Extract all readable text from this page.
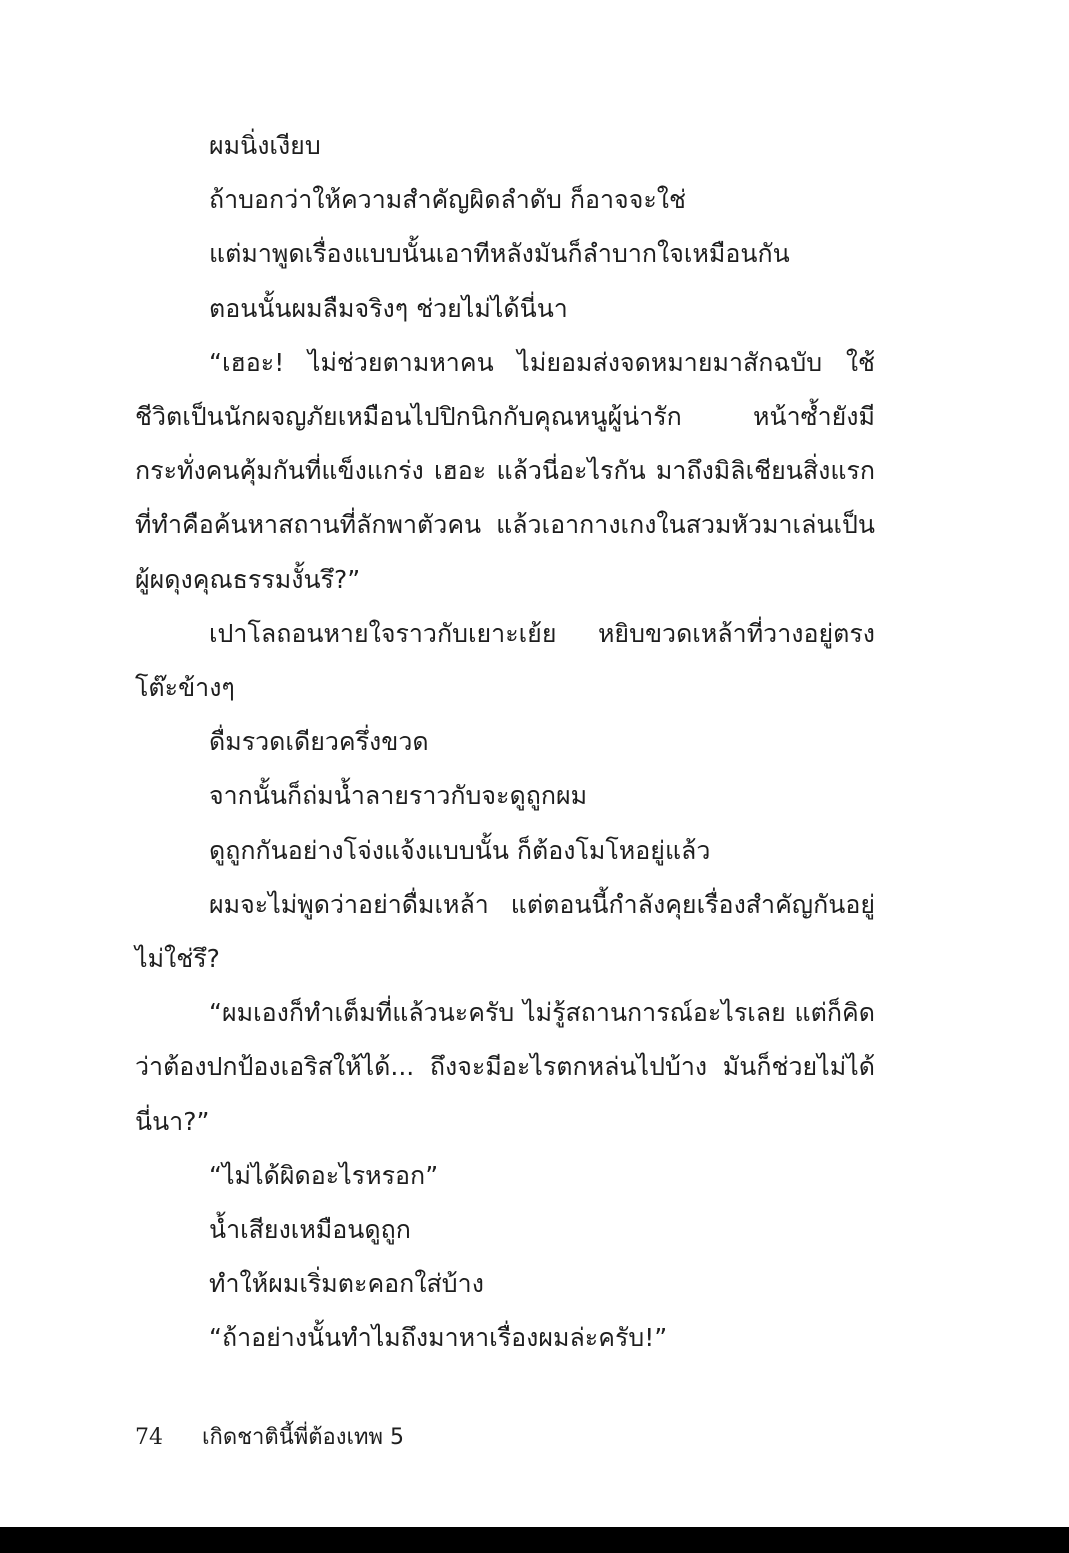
ผมนิ่งเงียบ

ถ้าบอกว่าให้ความสำคัญผิดลำดับ ก็อาจจะใช่

แต่มาพูดเรื่องแบบนั้นเอาทีหลังมันก็ลำบากใจเหมือนกัน

ตอนนั้นผมลืมจริงๆ ช่วยไม่ได้นี่นา

“เฮอะ! ไม่ช่วยตามหาคน ไม่ยอมส่งจดหมายมาสักฉบับ ใช้ชีวิตเป็นนักผจญภัยเหมือนไปปิกนิกกับคุณหนูผู้น่ารัก หน้าซ้ำยังมีกระทั่งคนคุ้มกันที่แข็งแกร่ง เฮอะ แล้วนี่อะไรกัน มาถึงมิลิเชียนสิ่งแรกที่ทำคือค้นหาสถานที่ลักพาตัวคน แล้วเอากางเกงในสวมหัวมาเล่นเป็นผู้ผดุงคุณธรรมงั้นรึ?”

เปาโลถอนหายใจราวกับเยาะเย้ย หยิบขวดเหล้าที่วางอยู่ตรงโต๊ะข้างๆ

ดื่มรวดเดียวครึ่งขวด

จากนั้นก็ถ่มน้ำลายราวกับจะดูถูกผม

ดูถูกกันอย่างโจ่งแจ้งแบบนั้น ก็ต้องโมโหอยู่แล้ว

ผมจะไม่พูดว่าอย่าดื่มเหล้า แต่ตอนนี้กำลังคุยเรื่องสำคัญกันอยู่ไม่ใช่รึ?

“ผมเองก็ทำเต็มที่แล้วนะครับ ไม่รู้สถานการณ์อะไรเลย แต่ก็คิดว่าต้องปกป้องเอริสให้ได้... ถึงจะมีอะไรตกหล่นไปบ้าง มันก็ช่วยไม่ได้นี่นา?”

“ไม่ได้ผิดอะไรหรอก”

น้ำเสียงเหมือนดูถูก

ทำให้ผมเริ่มตะคอกใส่บ้าง

“ถ้าอย่างนั้นทำไมถึงมาหาเรื่องผมล่ะครับ!”

74 เกิดชาตินี้พี่ต้องเทพ 5
